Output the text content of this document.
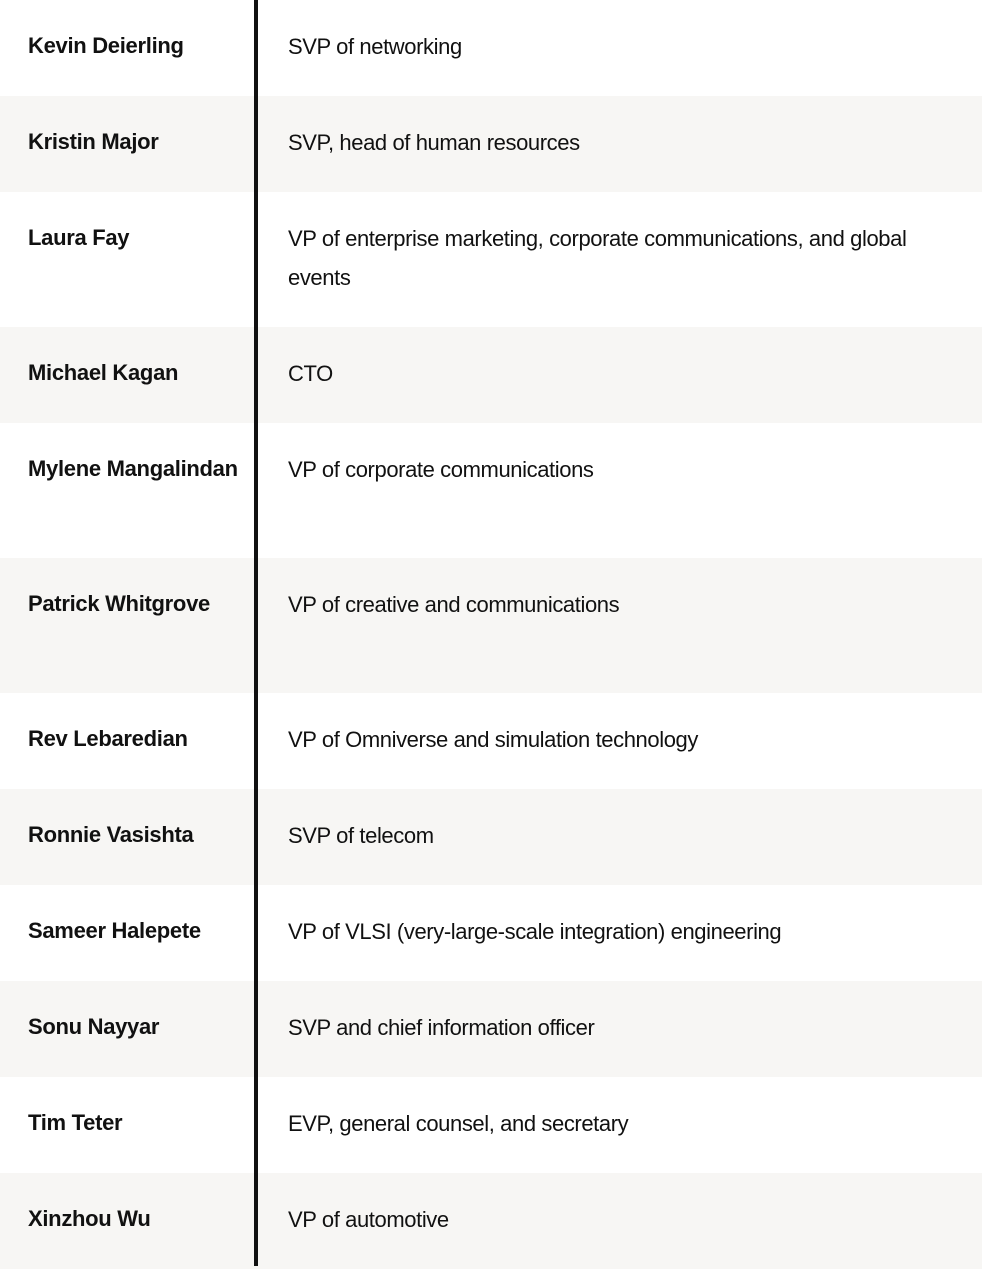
Kevin Deierling	SVP of networking
Kristin Major	SVP, head of human resources
Laura Fay	VP of enterprise marketing, corporate communications, and global events
Michael Kagan	CTO
Mylene Mangalindan	VP of corporate communications
Patrick Whitgrove	VP of creative and communications
Rev Lebaredian	VP of Omniverse and simulation technology
Ronnie Vasishta	SVP of telecom
Sameer Halepete	VP of VLSI (very-large-scale integration) engineering
Sonu Nayyar	SVP and chief information officer
Tim Teter	EVP, general counsel, and secretary
Xinzhou Wu	VP of automotive
